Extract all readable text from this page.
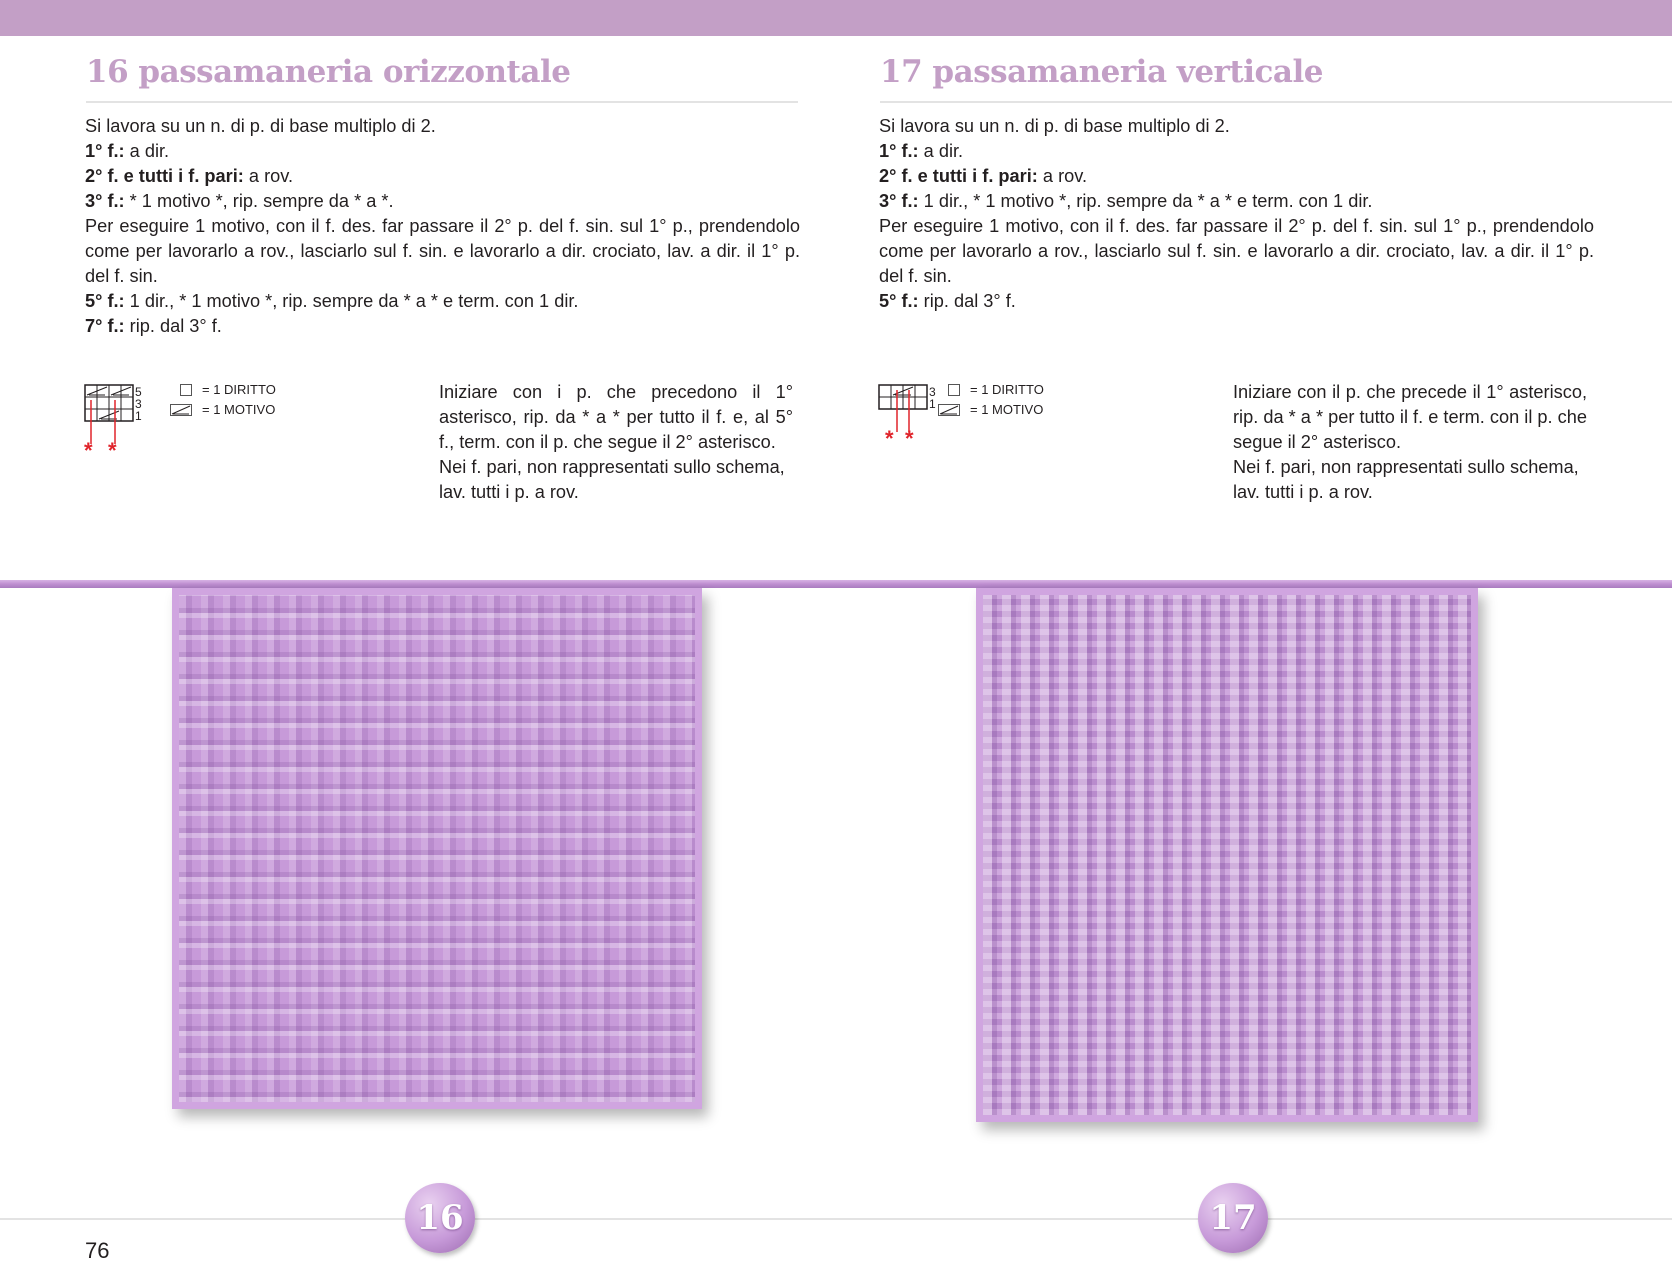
16 passamaneria orizzontale

Si lavora su un n. di p. di base multiplo di 2.

1° f.: a dir.

2° f. e tutti i f. pari: a rov.

3° f.: * 1 motivo *, rip. sempre da * a *.

Per eseguire 1 motivo, con il f. des. far passare il 2° p. del f. sin. sul 1° p., prendendolo come per lavorarlo a rov., lasciarlo sul f. sin. e lavorarlo a dir. crociato, lav. a dir. il 1° p. del f. sin.

5° f.: 1 dir., * 1 motivo *, rip. sempre da * a * e term. con 1 dir.

7° f.: rip. dal 3° f.

5
3
1
* *
= 1 DIRITTO
= 1 MOTIVO

Iniziare con i p. che precedono il 1° asterisco, rip. da * a * per tutto il f. e, al 5° f., term. con il p. che segue il 2° asterisco.

Nei f. pari, non rappresentati sullo schema, lav. tutti i p. a rov.

17 passamaneria verticale

Si lavora su un n. di p. di base multiplo di 2.

1° f.: a dir.

2° f. e tutti i f. pari: a rov.

3° f.: 1 dir., * 1 motivo *, rip. sempre da * a * e term. con 1 dir.

Per eseguire 1 motivo, con il f. des. far passare il 2° p. del f. sin. sul 1° p., prendendolo come per lavorarlo a rov., lasciarlo sul f. sin. e lavorarlo a dir. crociato, lav. a dir. il 1° p. del f. sin.

5° f.: rip. dal 3° f.

3
1
* *
= 1 DIRITTO
= 1 MOTIVO

Iniziare con il p. che precede il 1° asterisco, rip. da * a * per tutto il f. e term. con il p. che segue il 2° asterisco.

Nei f. pari, non rappresentati sullo schema, lav. tutti i p. a rov.

16	17
76
